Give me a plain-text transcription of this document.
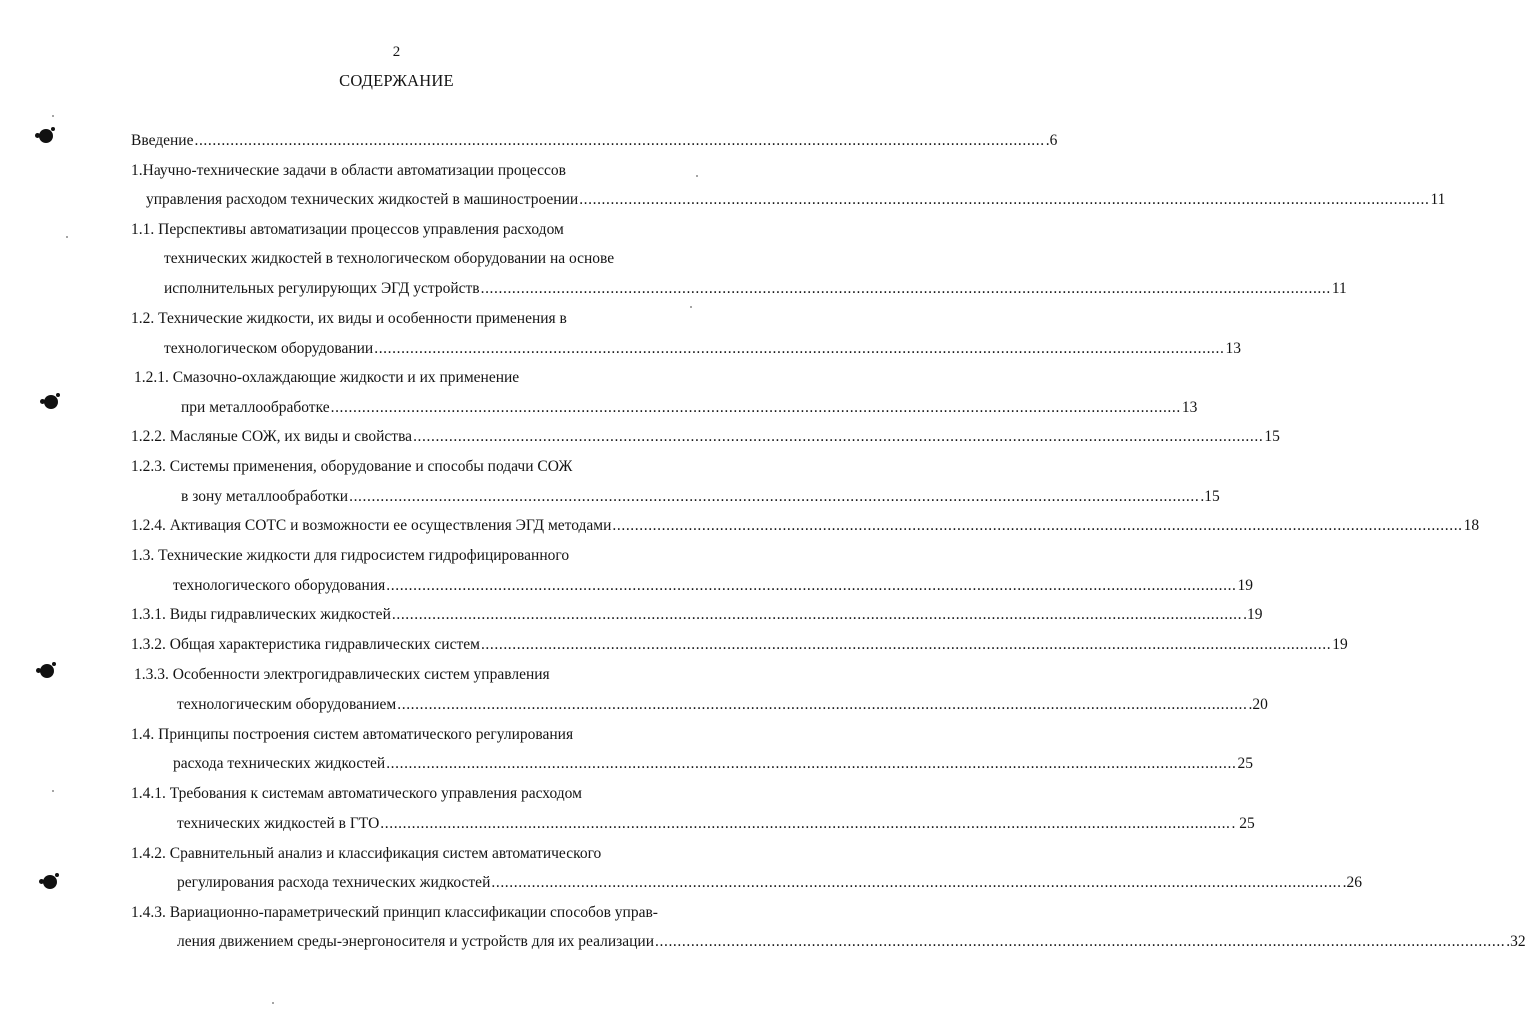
2
СОДЕРЖАНИЕ
Введение .............................................................................................................................................................................................. .6
1.Научно-технические задачи в области автоматизации процессов
управления расходом технических жидкостей в машиностроении .............................................................................................................................................................................................. 11
1.1. Перспективы автоматизации процессов управления расходом
технических жидкостей в технологическом оборудовании на основе
исполнительных регулирующих ЭГД устройств .............................................................................................................................................................................................. 11
1.2. Технические жидкости, их виды и особенности применения в
технологическом оборудовании .............................................................................................................................................................................................. 13
1.2.1. Смазочно-охлаждающие жидкости и их применение
при металлообработке .............................................................................................................................................................................................. 13
1.2.2. Масляные СОЖ, их виды и свойства .............................................................................................................................................................................................. 15
1.2.3. Системы применения, оборудование и способы подачи СОЖ
в зону металлообработки .............................................................................................................................................................................................. .15
1.2.4. Активация СОТС и возможности ее осуществления ЭГД методами .............................................................................................................................................................................................. 18
1.3. Технические жидкости для гидросистем гидрофицированного
технологического оборудования .............................................................................................................................................................................................. 19
1.3.1. Виды гидравлических жидкостей .............................................................................................................................................................................................. .19
1.3.2. Общая характеристика гидравлических систем .............................................................................................................................................................................................. 19
1.3.3. Особенности электрогидравлических систем управления
технологическим оборудованием .............................................................................................................................................................................................. .20
1.4. Принципы построения систем автоматического регулирования
расхода технических жидкостей .............................................................................................................................................................................................. 25
1.4.1. Требования к системам автоматического управления расходом
технических жидкостей в ГТО .............................................................................................................................................................................................. . 25
1.4.2. Сравнительный анализ и классификация систем автоматического
регулирования расхода технических жидкостей .............................................................................................................................................................................................. .26
1.4.3. Вариационно-параметрический принцип классификации способов управ-
ления движением среды-энергоносителя и устройств для их реализации .............................................................................................................................................................................................. .32
